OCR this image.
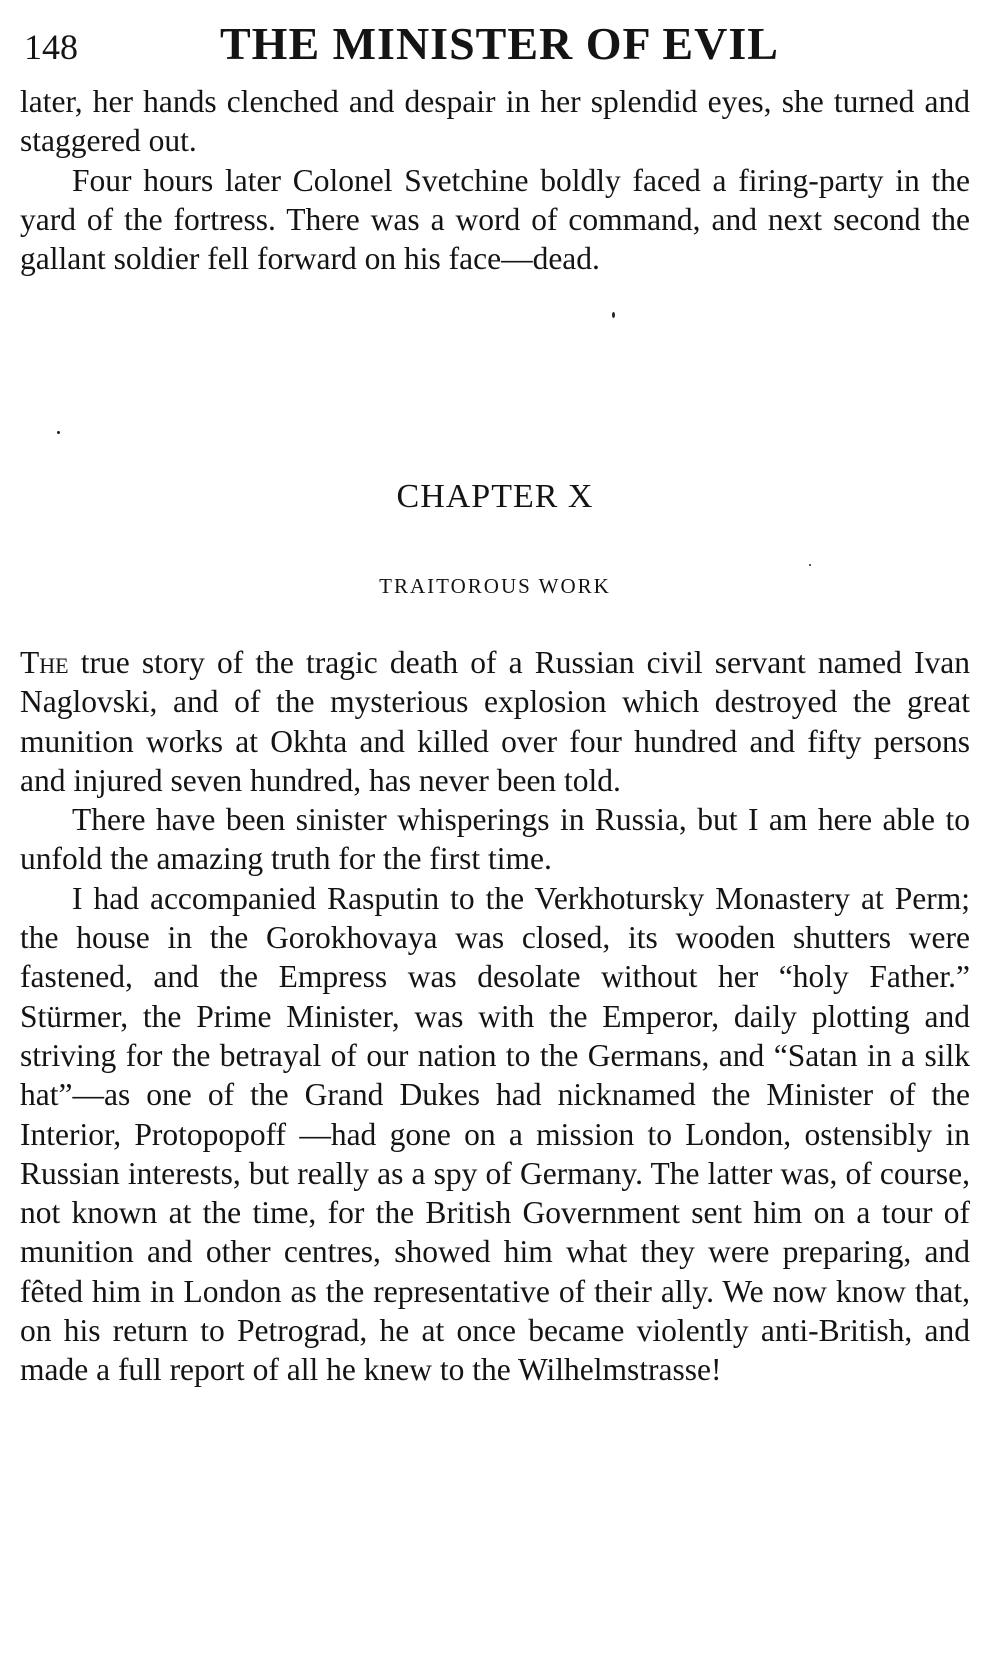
148	THE MINISTER OF EVIL

later, her hands clenched and despair in her splendid eyes, she turned and staggered out.

Four hours later Colonel Svetchine boldly faced a firing-party in the yard of the fortress. There was a word of command, and next second the gallant soldier fell forward on his face—dead.

CHAPTER X
TRAITOROUS WORK

The true story of the tragic death of a Russian civil servant named Ivan Naglovski, and of the mysterious explosion which destroyed the great munition works at Okhta and killed over four hundred and fifty persons and injured seven hundred, has never been told.

There have been sinister whisperings in Russia, but I am here able to unfold the amazing truth for the first time.

I had accompanied Rasputin to the Verkhotursky Monastery at Perm; the house in the Gorokhovaya was closed, its wooden shutters were fastened, and the Empress was desolate without her “holy Father.” Stürmer, the Prime Minister, was with the Emperor, daily plotting and striving for the betrayal of our nation to the Germans, and “Satan in a silk hat”—as one of the Grand Dukes had nicknamed the Minister of the Interior, Protopopoff —had gone on a mission to London, ostensibly in Russian interests, but really as a spy of Germany. The latter was, of course, not known at the time, for the British Government sent him on a tour of munition and other centres, showed him what they were preparing, and fêted him in London as the representative of their ally. We now know that, on his return to Petrograd, he at once became violently anti-British, and made a full report of all he knew to the Wilhelmstrasse!
